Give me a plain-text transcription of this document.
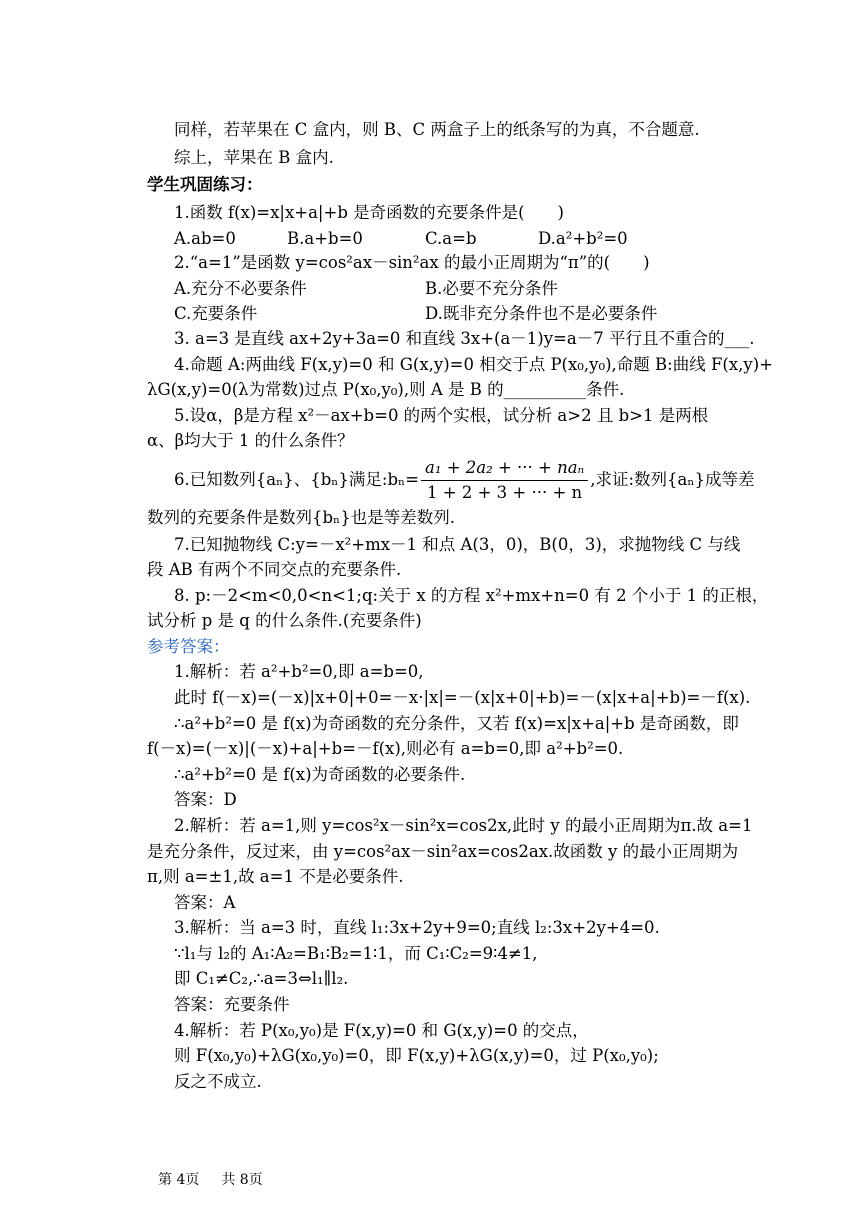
同样，若苹果在 C 盒内，则 B、C 两盒子上的纸条写的为真，不合题意.
综上，苹果在 B 盒内.
学生巩固练习：
1.函数 f(x)=x|x+a|+b 是奇函数的充要条件是(　　)
A.ab=0	B.a+b=0	C.a=b	D.a²+b²=0
2.“a=1”是函数 y=cos²ax－sin²ax 的最小正周期为“π”的(　　)
A.充分不必要条件	B.必要不充分条件
C.充要条件	D.既非充分条件也不是必要条件
3. a=3 是直线 ax+2y+3a=0 和直线 3x+(a－1)y=a－7 平行且不重合的___.
4.命题 A:两曲线 F(x,y)=0 和 G(x,y)=0 相交于点 P(x₀,y₀),命题 B:曲线 F(x,y)+
λG(x,y)=0(λ为常数)过点 P(x₀,y₀),则 A 是 B 的__________条件.
5.设α，β是方程 x²－ax+b=0 的两个实根，试分析 a>2 且 b>1 是两根
α、β均大于 1 的什么条件？
6.已知数列{aₙ}、{bₙ}满足:bₙ= $\frac{\text{a₁ + 2a₂ + ··· + naₙ}}{1 + 2 + 3 + \cdot\cdot\cdot + n}$ ,求证:数列{aₙ}成等差
数列的充要条件是数列{bₙ}也是等差数列.
7.已知抛物线 C:y=－x²+mx－1 和点 A(3，0)，B(0，3)，求抛物线 C 与线
段 AB 有两个不同交点的充要条件.
8. p:－2<m<0,0<n<1;q:关于 x 的方程 x²+mx+n=0 有 2 个小于 1 的正根，
试分析 p 是 q 的什么条件.(充要条件)
参考答案：
1.解析：若 a²+b²=0,即 a=b=0,
此时 f(－x)=(－x)|x+0|+0=－x·|x|=－(x|x+0|+b)=－(x|x+a|+b)=－f(x).
∴a²+b²=0 是 f(x)为奇函数的充分条件，又若 f(x)=x|x+a|+b 是奇函数，即
f(－x)=(－x)|(－x)+a|+b=－f(x),则必有 a=b=0,即 a²+b²=0.
∴a²+b²=0 是 f(x)为奇函数的必要条件.
答案：D
2.解析：若 a=1,则 y=cos²x－sin²x=cos2x,此时 y 的最小正周期为π.故 a=1
是充分条件，反过来，由 y=cos²ax－sin²ax=cos2ax.故函数 y 的最小正周期为
π,则 a=±1,故 a=1 不是必要条件.
答案：A
3.解析：当 a=3 时，直线 l₁:3x+2y+9=0;直线 l₂:3x+2y+4=0.
∵l₁与 l₂的 A₁∶A₂=B₁∶B₂=1∶1，而 C₁∶C₂=9∶4≠1,
即 C₁≠C₂,∴a=3⇔l₁∥l₂.
答案：充要条件
4.解析：若 P(x₀,y₀)是 F(x,y)=0 和 G(x,y)=0 的交点，
则 F(x₀,y₀)+λG(x₀,y₀)=0，即 F(x,y)+λG(x,y)=0，过 P(x₀,y₀);
反之不成立.
第 4页 共 8页
